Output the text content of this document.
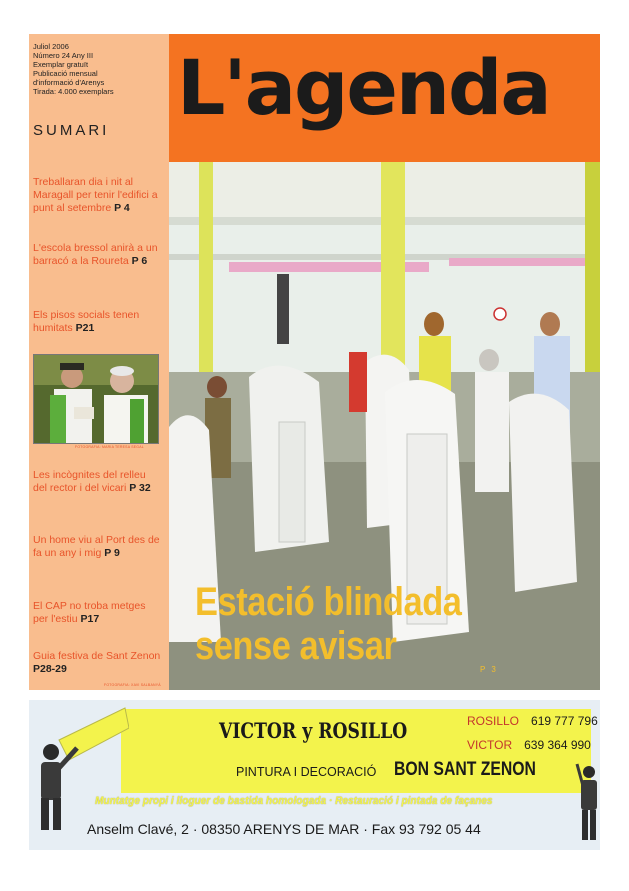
Juliol 2006
Número 24 Any III
Exemplar gratuït
Publicació mensual
d'informació d'Arenys
Tirada: 4.000 exemplars
SUMARI
Treballaran dia i nit al Maragall per tenir l'edifici a punt al setembre P 4
L'escola bressol anirà a un barracó a la Roureta P 6
Els pisos socials tenen humitats P21
FOTOGRAFIA: MARIA TERESA SEGAL
Les incògnites del relleu del rector i del vicari P 32
Un home viu al Port des de fa un any i mig P 9
El CAP no troba metges per l'estiu P17
Guia festiva de Sant Zenon P28-29
FOTOGRAFIA: XAVI SALBANYÀ
L'agenda
Estació blindada
sense avisar
P 3
VICTOR y ROSILLO	ROSILLO 619 777 796
VICTOR 639 364 990
PINTURA I DECORACIÓ BON SANT ZENON
Muntatge propi i lloguer de bastida homologada · Restauració i pintada de façanes
Anselm Clavé, 2 · 08350 ARENYS DE MAR · Fax 93 792 05 44
